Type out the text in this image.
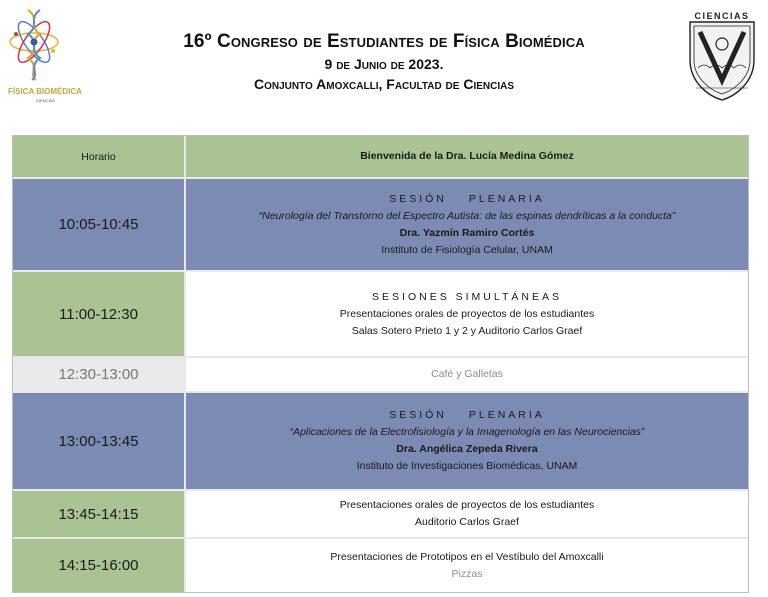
FÍSICA BIOMÉDICA
CIENCIAS
16º Congreso de Estudiantes de Física Biomédica
9 de Junio de 2023.
Conjunto Amoxcalli, Facultad de Ciencias
CIENCIAS
Horario	Bienvenida de la Dra. Lucía Medina Gómez
10:05-10:45
SESIÓN PLENARIA
“Neurología del Transtorno del Espectro Autista: de las espinas dendríticas a la conducta”
Dra. Yazmín Ramiro Cortés
Instituto de Fisiología Celular, UNAM
11:00-12:30
SESIONES SIMULTÁNEAS
Presentaciones orales de proyectos de los estudiantes
Salas Sotero Prieto 1 y 2 y Auditorio Carlos Graef
12:30-13:00	Café y Galletas
13:00-13:45
SESIÓN PLENARIA
“Aplicaciones de la Electrofisiología y la Imagenología en las Neurociencias”
Dra. Angélica Zepeda Rivera
Instituto de Investigaciones Biomédicas, UNAM
13:45-14:15
Presentaciones orales de proyectos de los estudiantes
Auditorio Carlos Graef
14:15-16:00
Presentaciones de Prototipos en el Vestíbulo del Amoxcalli
Pizzas
